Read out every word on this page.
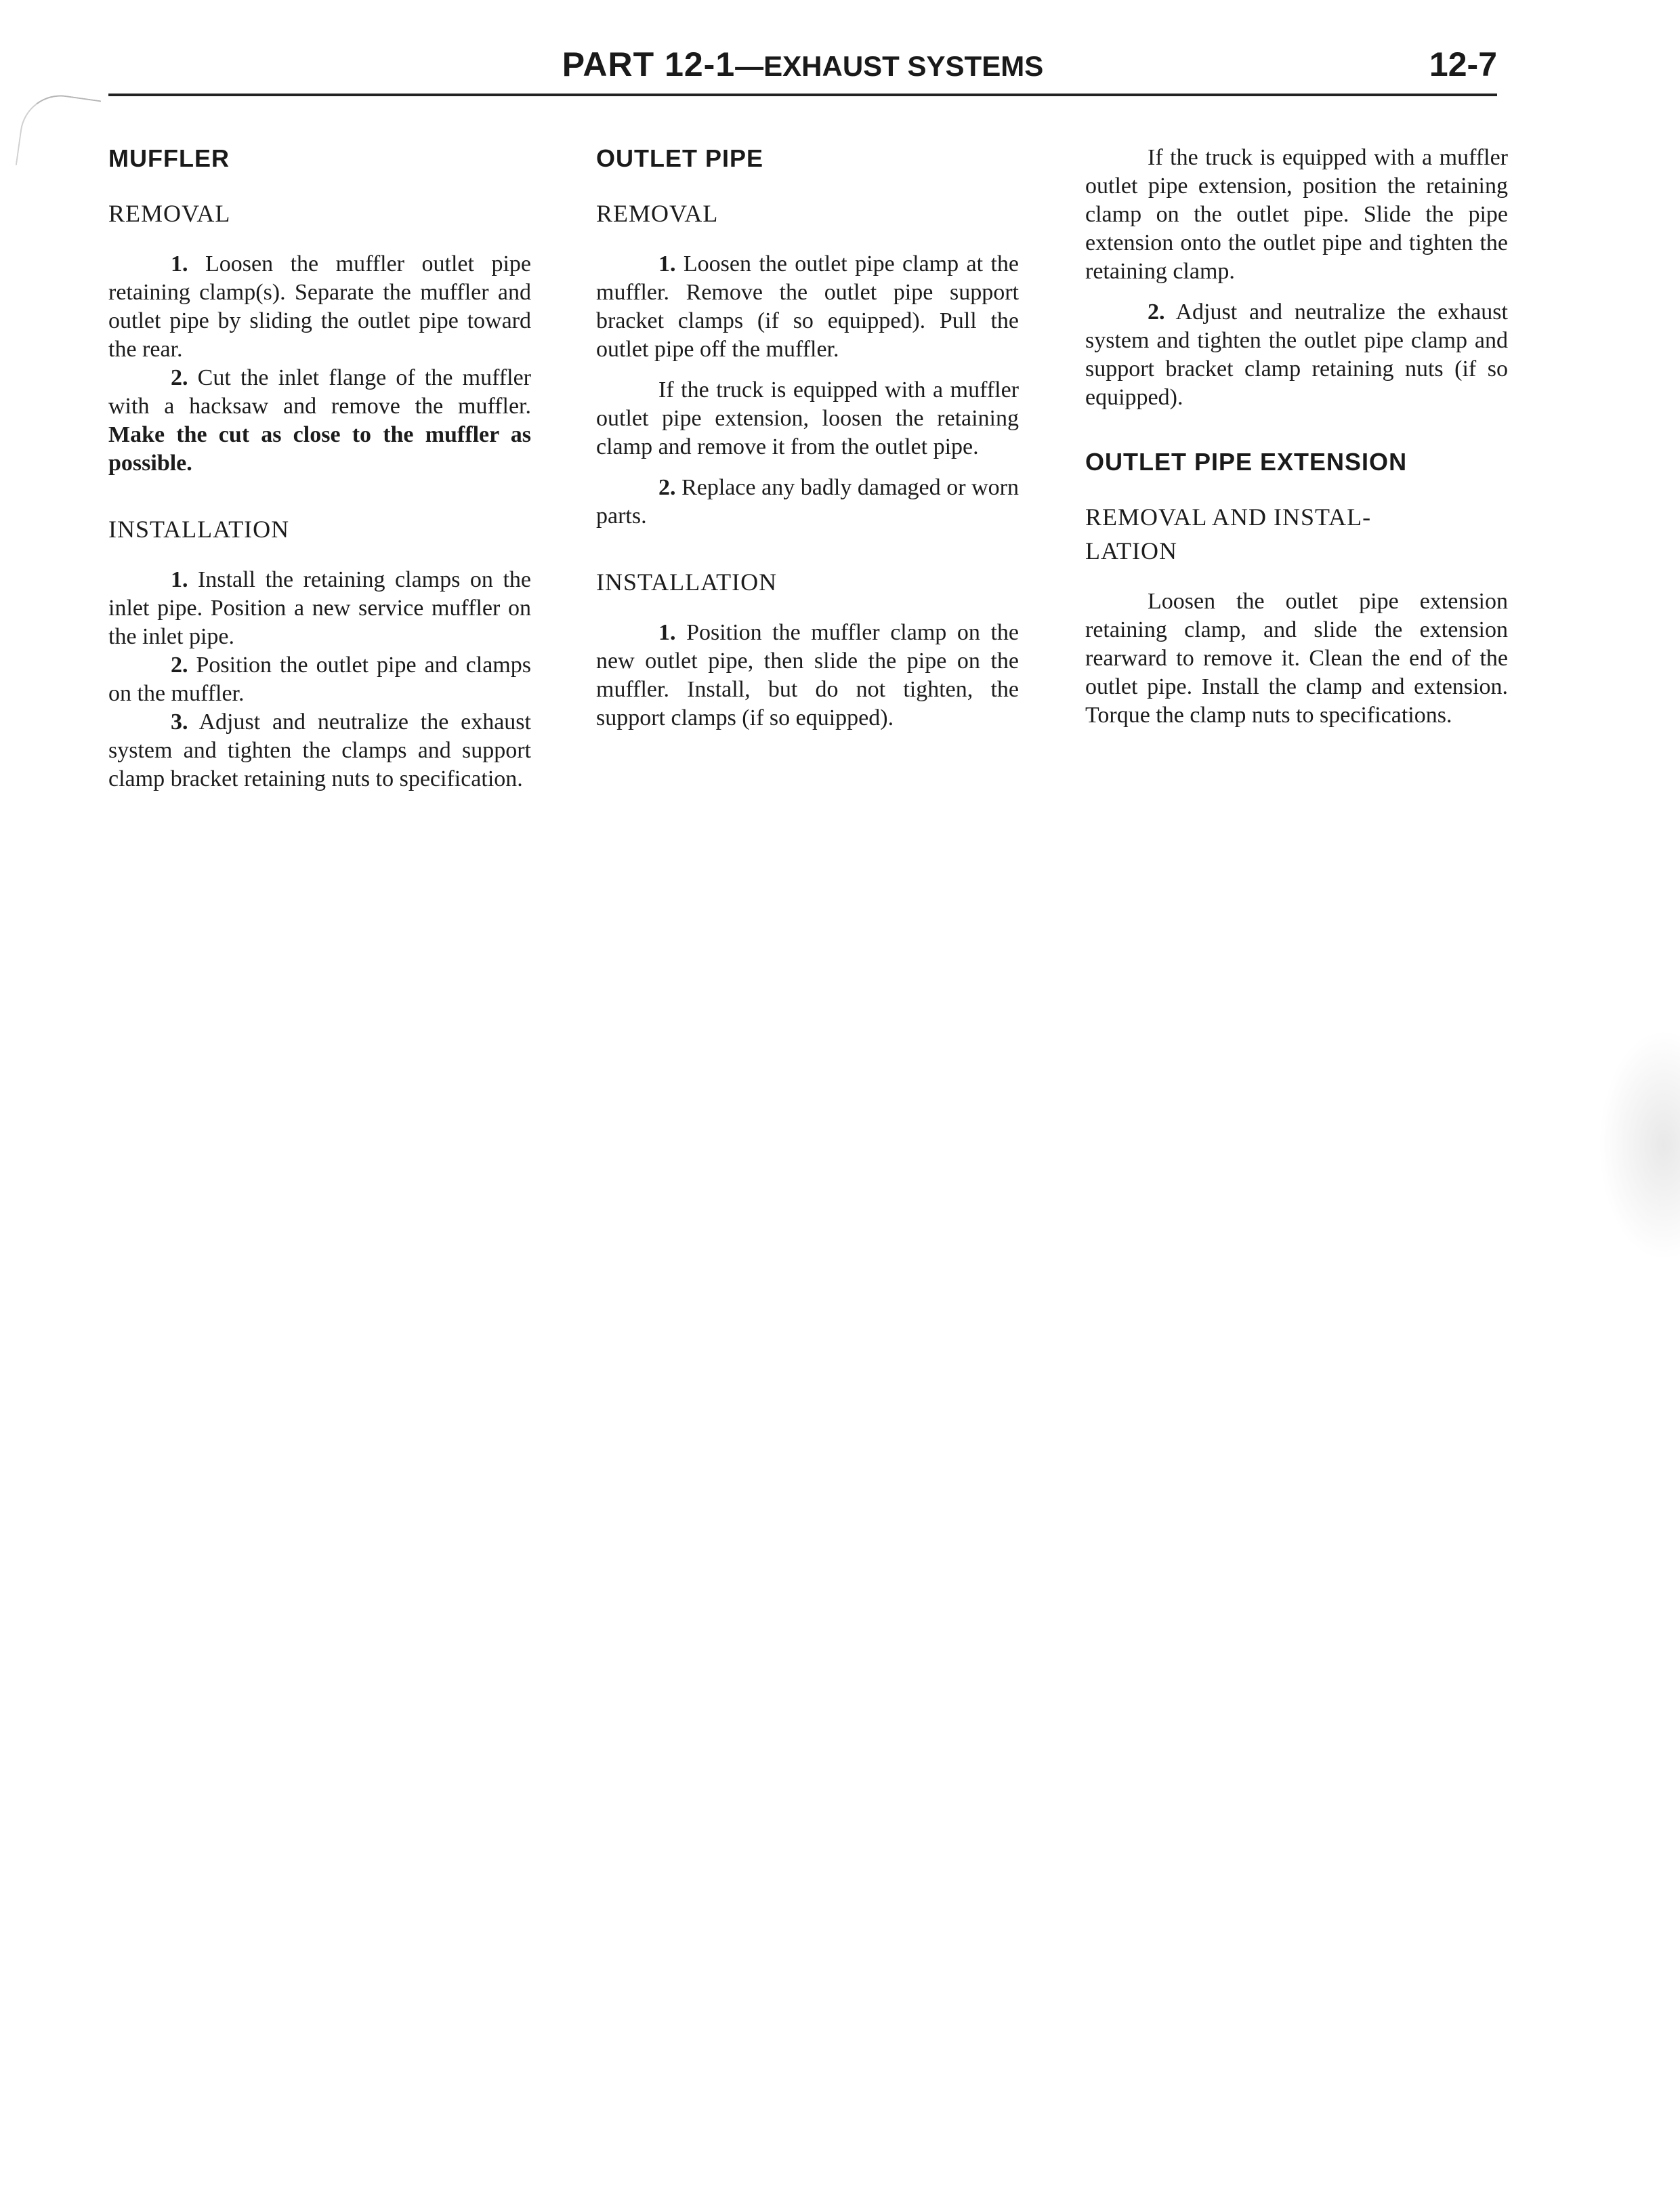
PART 12-1—EXHAUST SYSTEMS	12-7
MUFFLER
REMOVAL

1. Loosen the muffler outlet pipe retaining clamp(s). Separate the muffler and outlet pipe by sliding the outlet pipe toward the rear.

2. Cut the inlet flange of the muffler with a hacksaw and remove the muffler. Make the cut as close to the muffler as possible.

INSTALLATION

1. Install the retaining clamps on the inlet pipe. Position a new service muffler on the inlet pipe.

2. Position the outlet pipe and clamps on the muffler.

3. Adjust and neutralize the exhaust system and tighten the clamps and support clamp bracket retaining nuts to specification.

OUTLET PIPE
REMOVAL

1. Loosen the outlet pipe clamp at the muffler. Remove the outlet pipe support bracket clamps (if so equipped). Pull the outlet pipe off the muffler.

If the truck is equipped with a muffler outlet pipe extension, loosen the retaining clamp and remove it from the outlet pipe.

2. Replace any badly damaged or worn parts.

INSTALLATION

1. Position the muffler clamp on the new outlet pipe, then slide the pipe on the muffler. Install, but do not tighten, the support clamps (if so equipped).

If the truck is equipped with a muffler outlet pipe extension, position the retaining clamp on the outlet pipe. Slide the pipe extension onto the outlet pipe and tighten the retaining clamp.

2. Adjust and neutralize the exhaust system and tighten the outlet pipe clamp and support bracket clamp retaining nuts (if so equipped).

OUTLET PIPE EXTENSION
REMOVAL AND INSTAL-
LATION

Loosen the outlet pipe extension retaining clamp, and slide the extension rearward to remove it. Clean the end of the outlet pipe. Install the clamp and extension. Torque the clamp nuts to specifications.
